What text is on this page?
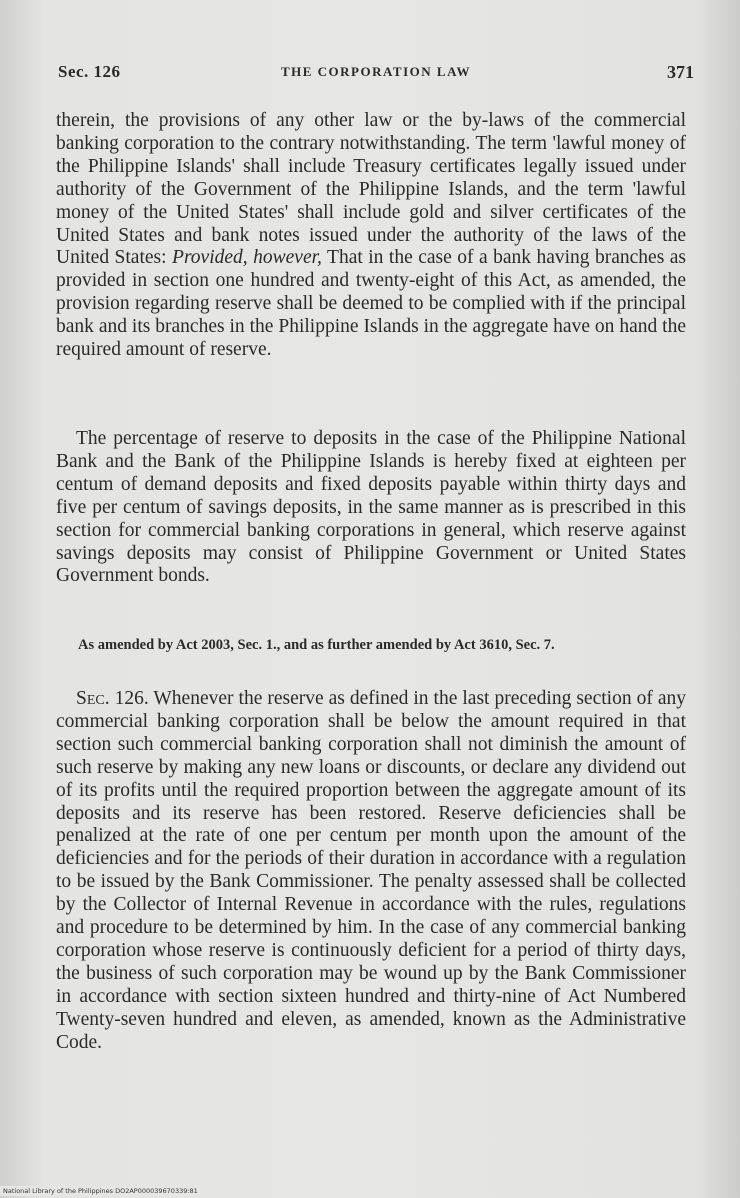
Sec. 126	THE CORPORATION LAW	371
therein, the provisions of any other law or the by-laws of the commercial banking corporation to the contrary notwithstanding. The term 'lawful money of the Philippine Islands' shall include Treasury certificates legally issued under authority of the Government of the Philippine Islands, and the term 'lawful money of the United States' shall include gold and silver certificates of the United States and bank notes issued under the authority of the laws of the United States: Provided, however, That in the case of a bank having branches as provided in section one hundred and twenty-eight of this Act, as amended, the provision regarding reserve shall be deemed to be complied with if the principal bank and its branches in the Philippine Islands in the aggregate have on hand the required amount of reserve.
The percentage of reserve to deposits in the case of the Philippine National Bank and the Bank of the Philippine Islands is hereby fixed at eighteen per centum of demand deposits and fixed deposits payable within thirty days and five per centum of savings deposits, in the same manner as is prescribed in this section for commercial banking corporations in general, which reserve against savings deposits may consist of Philippine Government or United States Government bonds.
As amended by Act 2003, Sec. 1., and as further amended by Act 3610, Sec. 7.
Sec. 126. Whenever the reserve as defined in the last preceding section of any commercial banking corporation shall be below the amount required in that section such commercial banking corporation shall not diminish the amount of such reserve by making any new loans or discounts, or declare any dividend out of its profits until the required proportion between the aggregate amount of its deposits and its reserve has been restored. Reserve deficiencies shall be penalized at the rate of one per centum per month upon the amount of the deficiencies and for the periods of their duration in accordance with a regulation to be issued by the Bank Commissioner. The penalty assessed shall be collected by the Collector of Internal Revenue in accordance with the rules, regulations and procedure to be determined by him. In the case of any commercial banking corporation whose reserve is continuously deficient for a period of thirty days, the business of such corporation may be wound up by the Bank Commissioner in accordance with section sixteen hundred and thirty-nine of Act Numbered Twenty-seven hundred and eleven, as amended, known as the Administrative Code.
National Library of the Philippines DO2AP000039670339:81
